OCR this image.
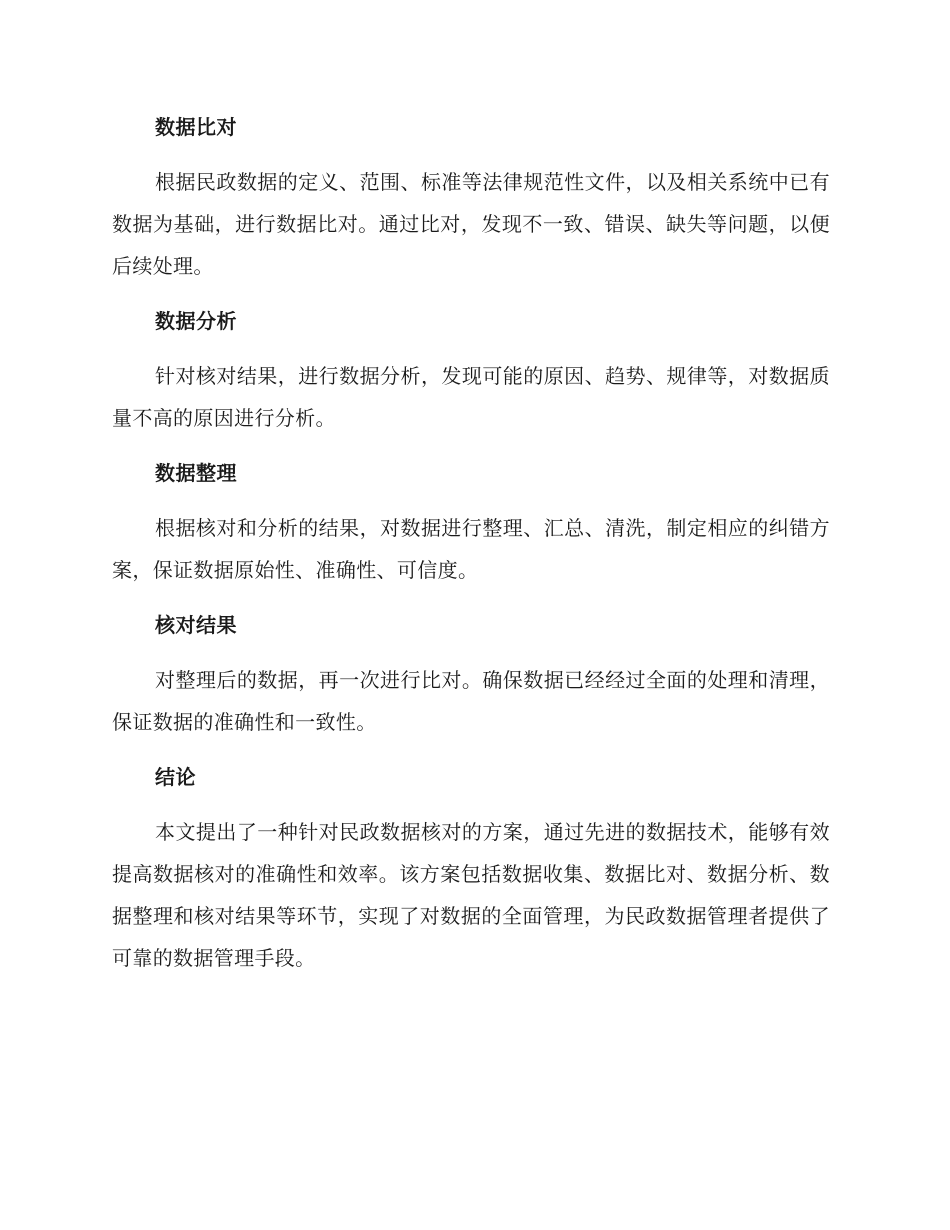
数据比对

根据民政数据的定义、范围、标准等法律规范性文件，以及相关系统中已有数据为基础，进行数据比对。通过比对，发现不一致、错误、缺失等问题，以便后续处理。

数据分析

针对核对结果，进行数据分析，发现可能的原因、趋势、规律等，对数据质量不高的原因进行分析。

数据整理

根据核对和分析的结果，对数据进行整理、汇总、清洗，制定相应的纠错方案，保证数据原始性、准确性、可信度。

核对结果

对整理后的数据，再一次进行比对。确保数据已经经过全面的处理和清理，保证数据的准确性和一致性。

结论

本文提出了一种针对民政数据核对的方案，通过先进的数据技术，能够有效提高数据核对的准确性和效率。该方案包括数据收集、数据比对、数据分析、数据整理和核对结果等环节，实现了对数据的全面管理，为民政数据管理者提供了可靠的数据管理手段。
